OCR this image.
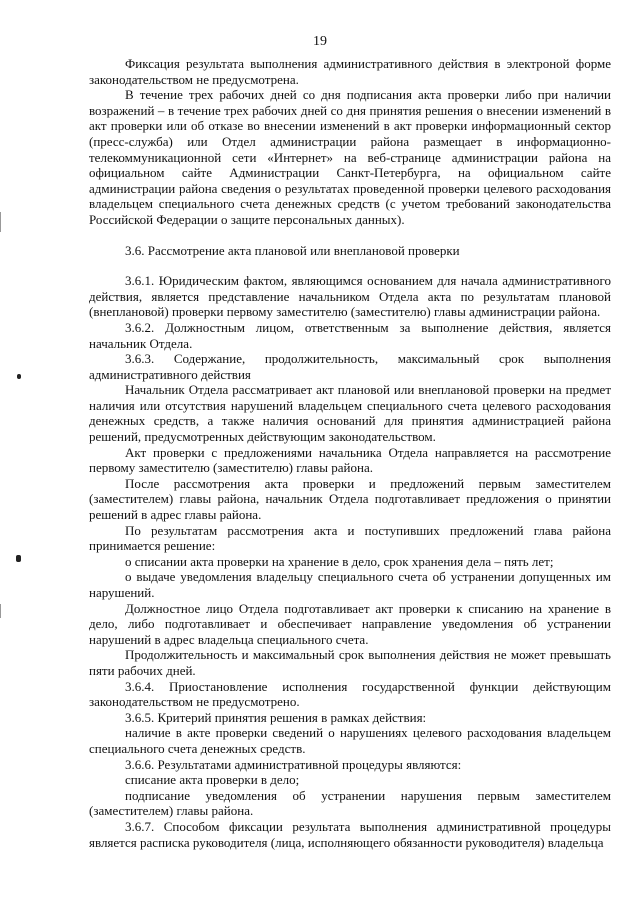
19

Фиксация результата выполнения административного действия в электроной форме законодательством не предусмотрена.

В течение трех рабочих дней со дня подписания акта проверки либо при наличии возражений – в течение трех рабочих дней со дня принятия решения о внесении изменений в акт проверки или об отказе во внесении изменений в акт проверки информационный сектор (пресс-служба) или Отдел администрации района размещает в информационно-телекоммуникационной сети «Интернет» на веб-странице администрации района на официальном сайте Администрации Санкт-Петербурга, на официальном сайте администрации района сведения о результатах проведенной проверки целевого расходования владельцем специального счета денежных средств (с учетом требований законодательства Российской Федерации о защите персональных данных).

3.6. Рассмотрение акта плановой или внеплановой проверки

3.6.1. Юридическим фактом, являющимся основанием для начала административного действия, является представление начальником Отдела акта по результатам плановой (внеплановой) проверки первому заместителю (заместителю) главы администрации района.

3.6.2. Должностным лицом, ответственным за выполнение действия, является начальник Отдела.

3.6.3. Содержание, продолжительность, максимальный срок выполнения административного действия

Начальник Отдела рассматривает акт плановой или внеплановой проверки на предмет наличия или отсутствия нарушений владельцем специального счета целевого расходования денежных средств, а также наличия оснований для принятия администрацией района решений, предусмотренных действующим законодательством.

Акт проверки с предложениями начальника Отдела направляется на рассмотрение первому заместителю (заместителю) главы района.

После рассмотрения акта проверки и предложений первым заместителем (заместителем) главы района, начальник Отдела подготавливает предложения о принятии решений в адрес главы района.

По результатам рассмотрения акта и поступивших предложений глава района принимается решение:

о списании акта проверки на хранение в дело, срок хранения дела – пять лет;

о выдаче уведомления владельцу специального счета об устранении допущенных им нарушений.

Должностное лицо Отдела подготавливает акт проверки к списанию на хранение в дело, либо подготавливает и обеспечивает направление уведомления об устранении нарушений в адрес владельца специального счета.

Продолжительность и максимальный срок выполнения действия не может превышать пяти рабочих дней.

3.6.4. Приостановление исполнения государственной функции действующим законодательством не предусмотрено.

3.6.5. Критерий принятия решения в рамках действия:

наличие в акте проверки сведений о нарушениях целевого расходования владельцем специального счета денежных средств.

3.6.6. Результатами административной процедуры являются:

списание акта проверки в дело;

подписание уведомления об устранении нарушения первым заместителем (заместителем) главы района.

3.6.7. Способом фиксации результата выполнения административной процедуры является расписка руководителя (лица, исполняющего обязанности руководителя) владельца
